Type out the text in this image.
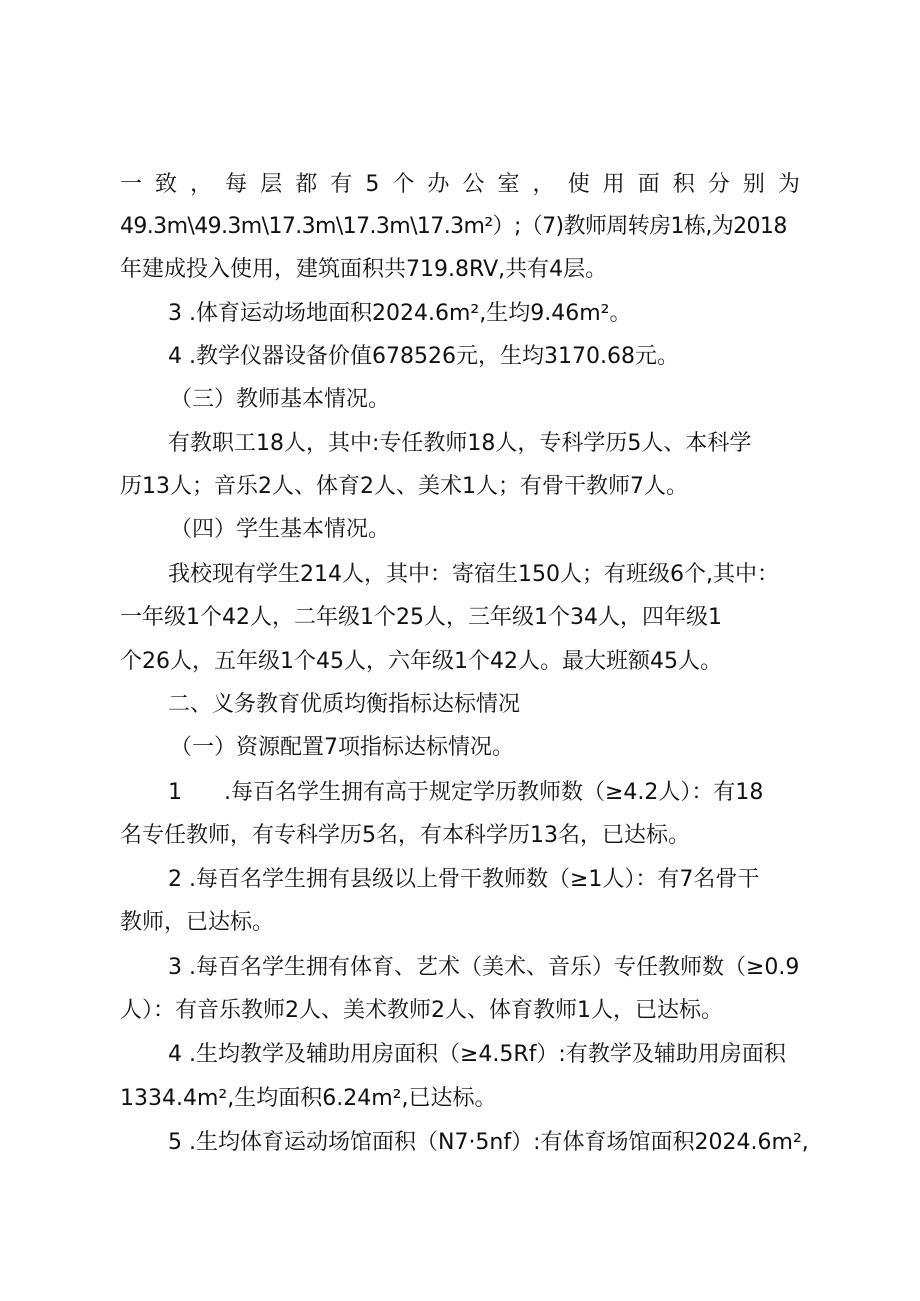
一 致 ， 每 层 都 有 5 个 办 公 室 ， 使 用 面 积 分 别 为
49.3m\49.3m\17.3m\17.3m\17.3m²）;（7)教师周转房1栋,为2018
年建成投入使用，建筑面积共719.8RV,共有4层。
3 .体育运动场地面积2024.6m²,生均9.46m²。
4 .教学仪器设备价值678526元，生均3170.68元。
（三）教师基本情况。
有教职工18人，其中:专任教师18人，专科学历5人、本科学
历13人；音乐2人、体育2人、美术1人；有骨干教师7人。
（四）学生基本情况。
我校现有学生214人，其中：寄宿生150人；有班级6个,其中：
一年级1个42人，二年级1个25人，三年级1个34人，四年级1
个26人，五年级1个45人，六年级1个42人。最大班额45人。
二、义务教育优质均衡指标达标情况
（一）资源配置7项指标达标情况。
1      .每百名学生拥有高于规定学历教师数（≥4.2人）：有18
名专任教师，有专科学历5名，有本科学历13名，已达标。
2 .每百名学生拥有县级以上骨干教师数（≥1人）：有7名骨干
教师，已达标。
3 .每百名学生拥有体育、艺术（美术、音乐）专任教师数（≥0.9
人）：有音乐教师2人、美术教师2人、体育教师1人，已达标。
4 .生均教学及辅助用房面积（≥4.5Rf）:有教学及辅助用房面积
1334.4m²,生均面积6.24m²,已达标。
5 .生均体育运动场馆面积（N7·5nf）:有体育场馆面积2024.6m²,
